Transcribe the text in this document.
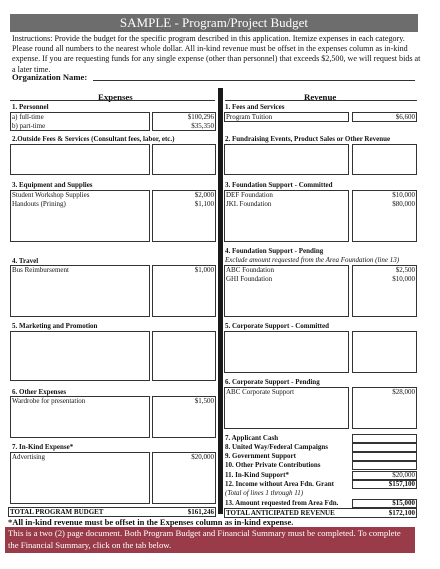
SAMPLE - Program/Project Budget
Instructions: Provide the budget for the specific program described in this application. Itemize expenses in each category. Please round all numbers to the nearest whole dollar. All in-kind revenue must be offset in the expenses column as in-kind expense. If you are requesting funds for any single expense (other than personnel) that exceeds $2,500, we will request bids at a later time.
Organization Name:
Expenses	Revenue
1. Personnel
a) full-time	$100,296
b) part-time	$35,350
2.Outside Fees & Services (Consultant fees, labor, etc.)
3. Equipment and Supplies
Student Workshop Supplies	$2,000
Handouts (Prining)	$1,100
4. Travel
Bus Reimbursement	$1,000
5. Marketing and Promotion
6. Other Expenses
Wardrobe for presentation	$1,500
7. In-Kind Expense*
Advertising	$20,000
TOTAL PROGRAM BUDGET	$161,246
1. Fees and Services
Program Tuition	$6,600
2. Fundraising Events, Product Sales or Other Revenue
3. Foundation Support - Committed
DEF Foundation	$10,000
JKL Foundation	$80,000
4. Foundation Support - Pending
Exclude amount requested from the Area Foundation (line 13)
ABC Foundation	$2,500
GHI Foundation	$10,000
5. Corporate Support - Committed
6. Corporate Support - Pending
ABC Corporate Support	$28,000
7. Applicant Cash
8. United Way/Federal Campaigns
9. Government Support
10. Other Private Contributions
11. In-Kind Support*	$20,000
12. Income without Area Fdn. Grant	$157,100
(Total of lines 1 through 11)
13. Amount requested from Area Fdn.	$15,000
TOTAL ANTICIPATED REVENUE	$172,100
*All in-kind revenue must be offset in the Expenses column as in-kind expense.
This is a two (2) page document. Both Program Budget and Financial Summary must be completed. To complete the Financial Summary, click on the tab below.
